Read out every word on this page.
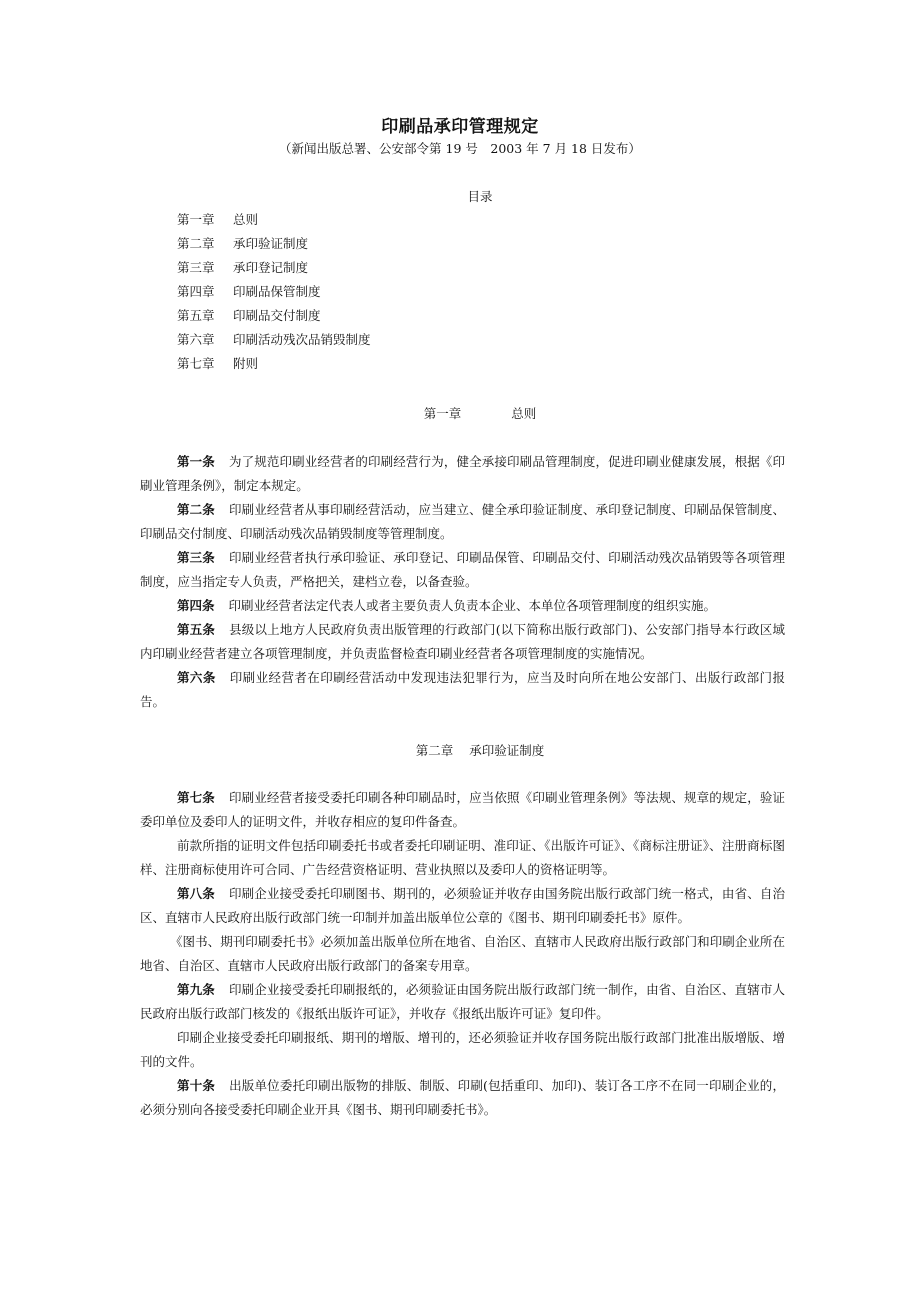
印刷品承印管理规定
（新闻出版总署、公安部令第 19 号　2003 年 7 月 18 日发布）
目录
第一章 总则
第二章 承印验证制度
第三章 承印登记制度
第四章 印刷品保管制度
第五章 印刷品交付制度
第六章 印刷活动残次品销毁制度
第七章 附则
第一章	总则

第一条 为了规范印刷业经营者的印刷经营行为，健全承接印刷品管理制度，促进印刷业健康发展，根据《印刷业管理条例》，制定本规定。

第二条 印刷业经营者从事印刷经营活动，应当建立、健全承印验证制度、承印登记制度、印刷品保管制度、印刷品交付制度、印刷活动残次品销毁制度等管理制度。

第三条 印刷业经营者执行承印验证、承印登记、印刷品保管、印刷品交付、印刷活动残次品销毁等各项管理制度，应当指定专人负责，严格把关，建档立卷，以备查验。

第四条 印刷业经营者法定代表人或者主要负责人负责本企业、本单位各项管理制度的组织实施。

第五条 县级以上地方人民政府负责出版管理的行政部门(以下简称出版行政部门)、公安部门指导本行政区域内印刷业经营者建立各项管理制度，并负责监督检查印刷业经营者各项管理制度的实施情况。

第六条 印刷业经营者在印刷经营活动中发现违法犯罪行为，应当及时向所在地公安部门、出版行政部门报告。

第二章 承印验证制度

第七条 印刷业经营者接受委托印刷各种印刷品时，应当依照《印刷业管理条例》等法规、规章的规定，验证委印单位及委印人的证明文件，并收存相应的复印件备查。

前款所指的证明文件包括印刷委托书或者委托印刷证明、准印证、《出版许可证》、《商标注册证》、注册商标图样、注册商标使用许可合同、广告经营资格证明、营业执照以及委印人的资格证明等。

第八条 印刷企业接受委托印刷图书、期刊的，必须验证并收存由国务院出版行政部门统一格式，由省、自治区、直辖市人民政府出版行政部门统一印制并加盖出版单位公章的《图书、期刊印刷委托书》原件。

《图书、期刊印刷委托书》必须加盖出版单位所在地省、自治区、直辖市人民政府出版行政部门和印刷企业所在地省、自治区、直辖市人民政府出版行政部门的备案专用章。

第九条 印刷企业接受委托印刷报纸的，必须验证由国务院出版行政部门统一制作，由省、自治区、直辖市人民政府出版行政部门核发的《报纸出版许可证》，并收存《报纸出版许可证》复印件。

印刷企业接受委托印刷报纸、期刊的增版、增刊的，还必须验证并收存国务院出版行政部门批准出版增版、增刊的文件。

第十条 出版单位委托印刷出版物的排版、制版、印刷(包括重印、加印)、装订各工序不在同一印刷企业的，必须分别向各接受委托印刷企业开具《图书、期刊印刷委托书》。
